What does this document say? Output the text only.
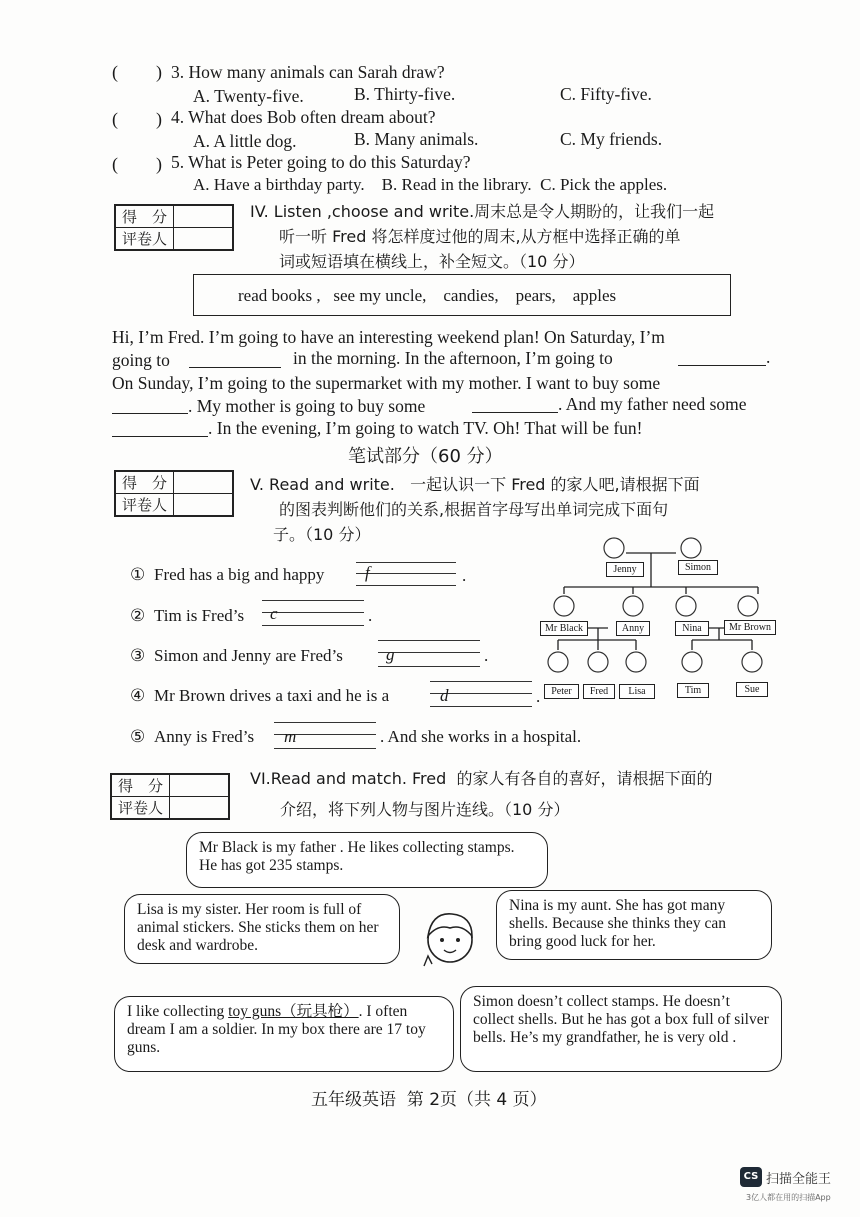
( ) 3. How many animals can Sarah draw?
A. Twenty-five.	B. Thirty-five.	C. Fifty-five.
( ) 4. What does Bob often dream about?
A. A little dog.	B. Many animals.	C. My friends.
( ) 5. What is Peter going to do this Saturday?
A. Have a birthday party.    B. Read in the library.  C. Pick the apples.
得　分	
评卷人	
IV. Listen ,choose and write.周末总是令人期盼的，让我们一起
听一听 Fred 将怎样度过他的周末,从方框中选择正确的单
词或短语填在横线上，补全短文。（10 分）
read books ,   see my uncle,    candies,    pears,    apples
Hi, I’m Fred. I’m going to have an interesting weekend plan! On Saturday, I’m
going to	in the morning. In the afternoon, I’m going to	.
On Sunday, I’m going to the supermarket with my mother. I want to buy some
. My mother is going to buy some	. And my father need some
. In the evening, I’m going to watch TV. Oh! That will be fun!
笔试部分（60 分）
得　分	
评卷人	
V. Read and write.   一起认识一下 Fred 的家人吧,请根据下面
的图表判断他们的关系,根据首字母写出单词完成下面句
子。（10 分）
① Fred has a big and happy f	.
② Tim is Fred’s c	.
③ Simon and Jenny are Fred’s	g	.
④ Mr Brown drives a taxi and he is a	d	.
⑤ Anny is Fred’s m	. And she works in a hospital.
Jenny	Simon
Mr Black	Anny	Nina	Mr Brown
Peter	Fred	Lisa	Tim	Sue
得　分	
评卷人	
VI.Read and match. Fred  的家人有各自的喜好，请根据下面的
介绍，将下列人物与图片连线。（10 分）
Mr Black is my father . He likes collecting stamps. He has got 235 stamps.
Lisa is my sister. Her room is full of animal stickers. She sticks them on her desk and wardrobe.
Nina is my aunt. She has got many shells. Because she thinks they can bring good luck for her.
I like collecting toy guns（玩具枪）. I often dream I am a soldier. In my box there are 17 toy guns.
Simon doesn’t collect stamps. He doesn’t collect shells. But he has got a box full of silver bells. He’s my grandfather, he is very old .
五年级英语  第 2页（共 4 页）
CS 扫描全能王
3亿人都在用的扫描App
